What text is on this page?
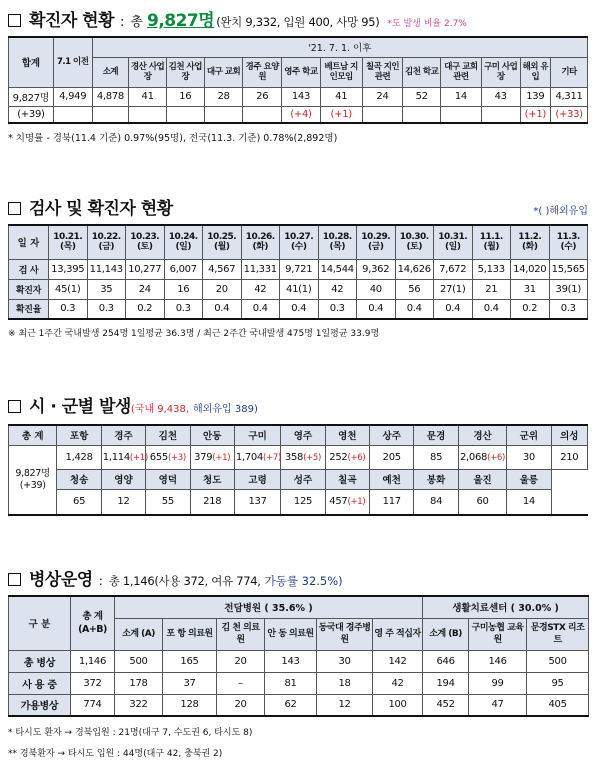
확진자 현황 : 총 9,827명 (완치 9,332, 입원 400, 사망 95) *도 발생 비율 2.7%
합계	7.1 이전	'21. 7. 1. 이후												
		소계	경산 사업장	김천 사업장	대구 교회	경주 요양원	영주 학교	베트남 지인모임	칠곡 지인관련	김천 학교	대구 교회관련	구미 사업장	해외 유입	기타
9,827명	4,949	4,878	41	16	28	26	143	41	24	52	14	43	139	4,311
(+39)							(+4)	(+1)					(+1)	(+33)
* 치명률 - 경북(11.4 기준) 0.97%(95명), 전국(11.3. 기준) 0.78%(2,892명)
검사 및 확진자 현황	*( )해외유입
일 자	10.21. (목)	10.22. (금)	10.23. (토)	10.24. (일)	10.25. (월)	10.26. (화)	10.27. (수)	10.28. (목)	10.29. (금)	10.30. (토)	10.31. (일)	11.1. (월)	11.2. (화)	11.3. (수)
검 사	13,395	11,143	10,277	6,007	4,567	11,331	9,721	14,544	9,362	14,626	7,672	5,133	14,020	15,565
확진자	45(1)	35	24	16	20	42	41(1)	42	40	56	27(1)	21	31	39(1)
확진율	0.3	0.3	0.2	0.3	0.4	0.4	0.4	0.3	0.4	0.4	0.4	0.4	0.2	0.3
※ 최근 1주간 국내발생 254명 1일평균 36.3명 / 최근 2주간 국내발생 475명 1일평균 33.9명
시 · 군별 발생 (국내 9,438, 해외유입 389)
총 계	포항	경주	김천	안동	구미	영주	영천	상주	문경	경산	군위	의성
9,827명
(+39)	1,428	1,114(+1)	655(+3)	379(+1)	1,704(+7)	358(+5)	252(+6)	205	85	2,068(+6)	30	210
	청송	영양	영덕	청도	고령	성주	칠곡	예천	봉화	울진	울릉	
	65	12	55	218	137	125	457(+1)	117	84	60	14	
병상운영 : 총 1,146(사용 372, 여유 774, 가동률 32.5%)
구 분	총 계 (A+B)	전담병원 ( 35.6% )						생활치료센터 ( 30.0% )		
		소계 (A)	포 항 의료원	김 천 의료원	안 동 의료원	동국대 경주병원	영 주 적십자	소계 (B)	구미농협 교육원	문경STX 리조트
총 병상	1,146	500	165	20	143	30	142	646	146	500
사 용 중	372	178	37	–	81	18	42	194	99	95
가용병상	774	322	128	20	62	12	100	452	47	405
* 타시도 환자 → 경북입원 : 21명(대구 7, 수도권 6, 타시도 8)
** 경북환자 → 타시도 입원 : 44명(대구 42, 충북권 2)
